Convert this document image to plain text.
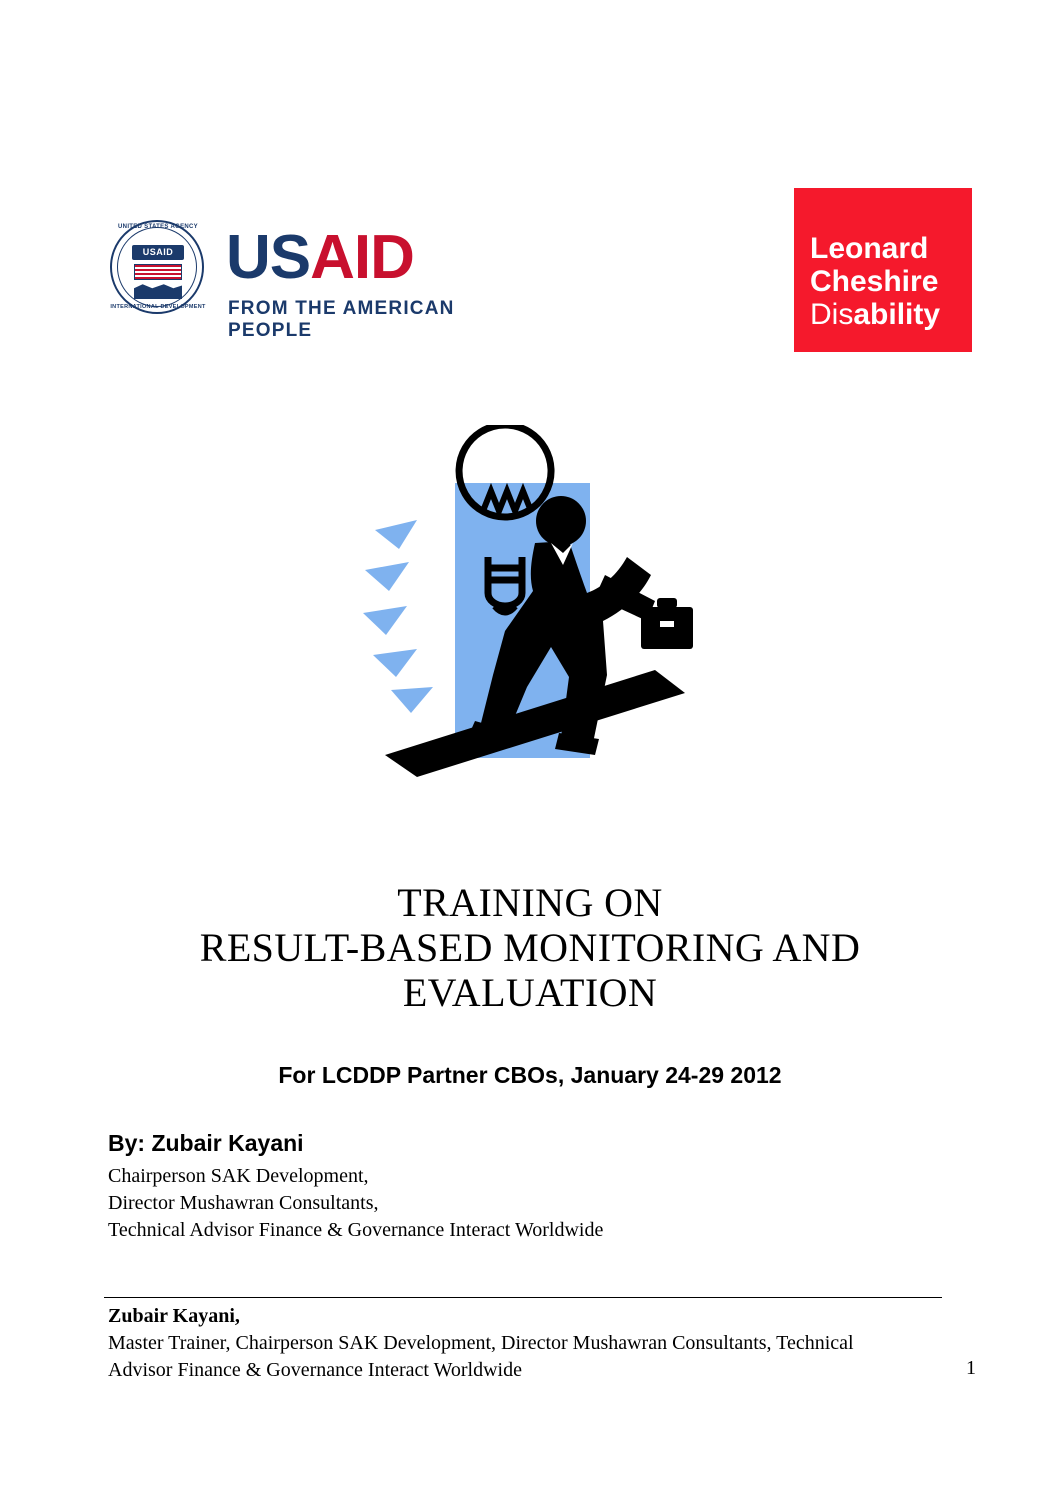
UNITED STATES AGENCY
USAID
INTERNATIONAL DEVELOPMENT
USAID
FROM THE AMERICAN PEOPLE
Leonard
Cheshire
Disability
TRAINING ON
RESULT-BASED MONITORING AND
EVALUATION
For LCDDP Partner CBOs, January 24-29 2012
By: Zubair Kayani
Chairperson SAK Development,
Director Mushawran Consultants,
Technical Advisor Finance & Governance Interact Worldwide
Zubair Kayani,
Master Trainer, Chairperson SAK Development, Director Mushawran Consultants, Technical
Advisor Finance & Governance Interact Worldwide	1
